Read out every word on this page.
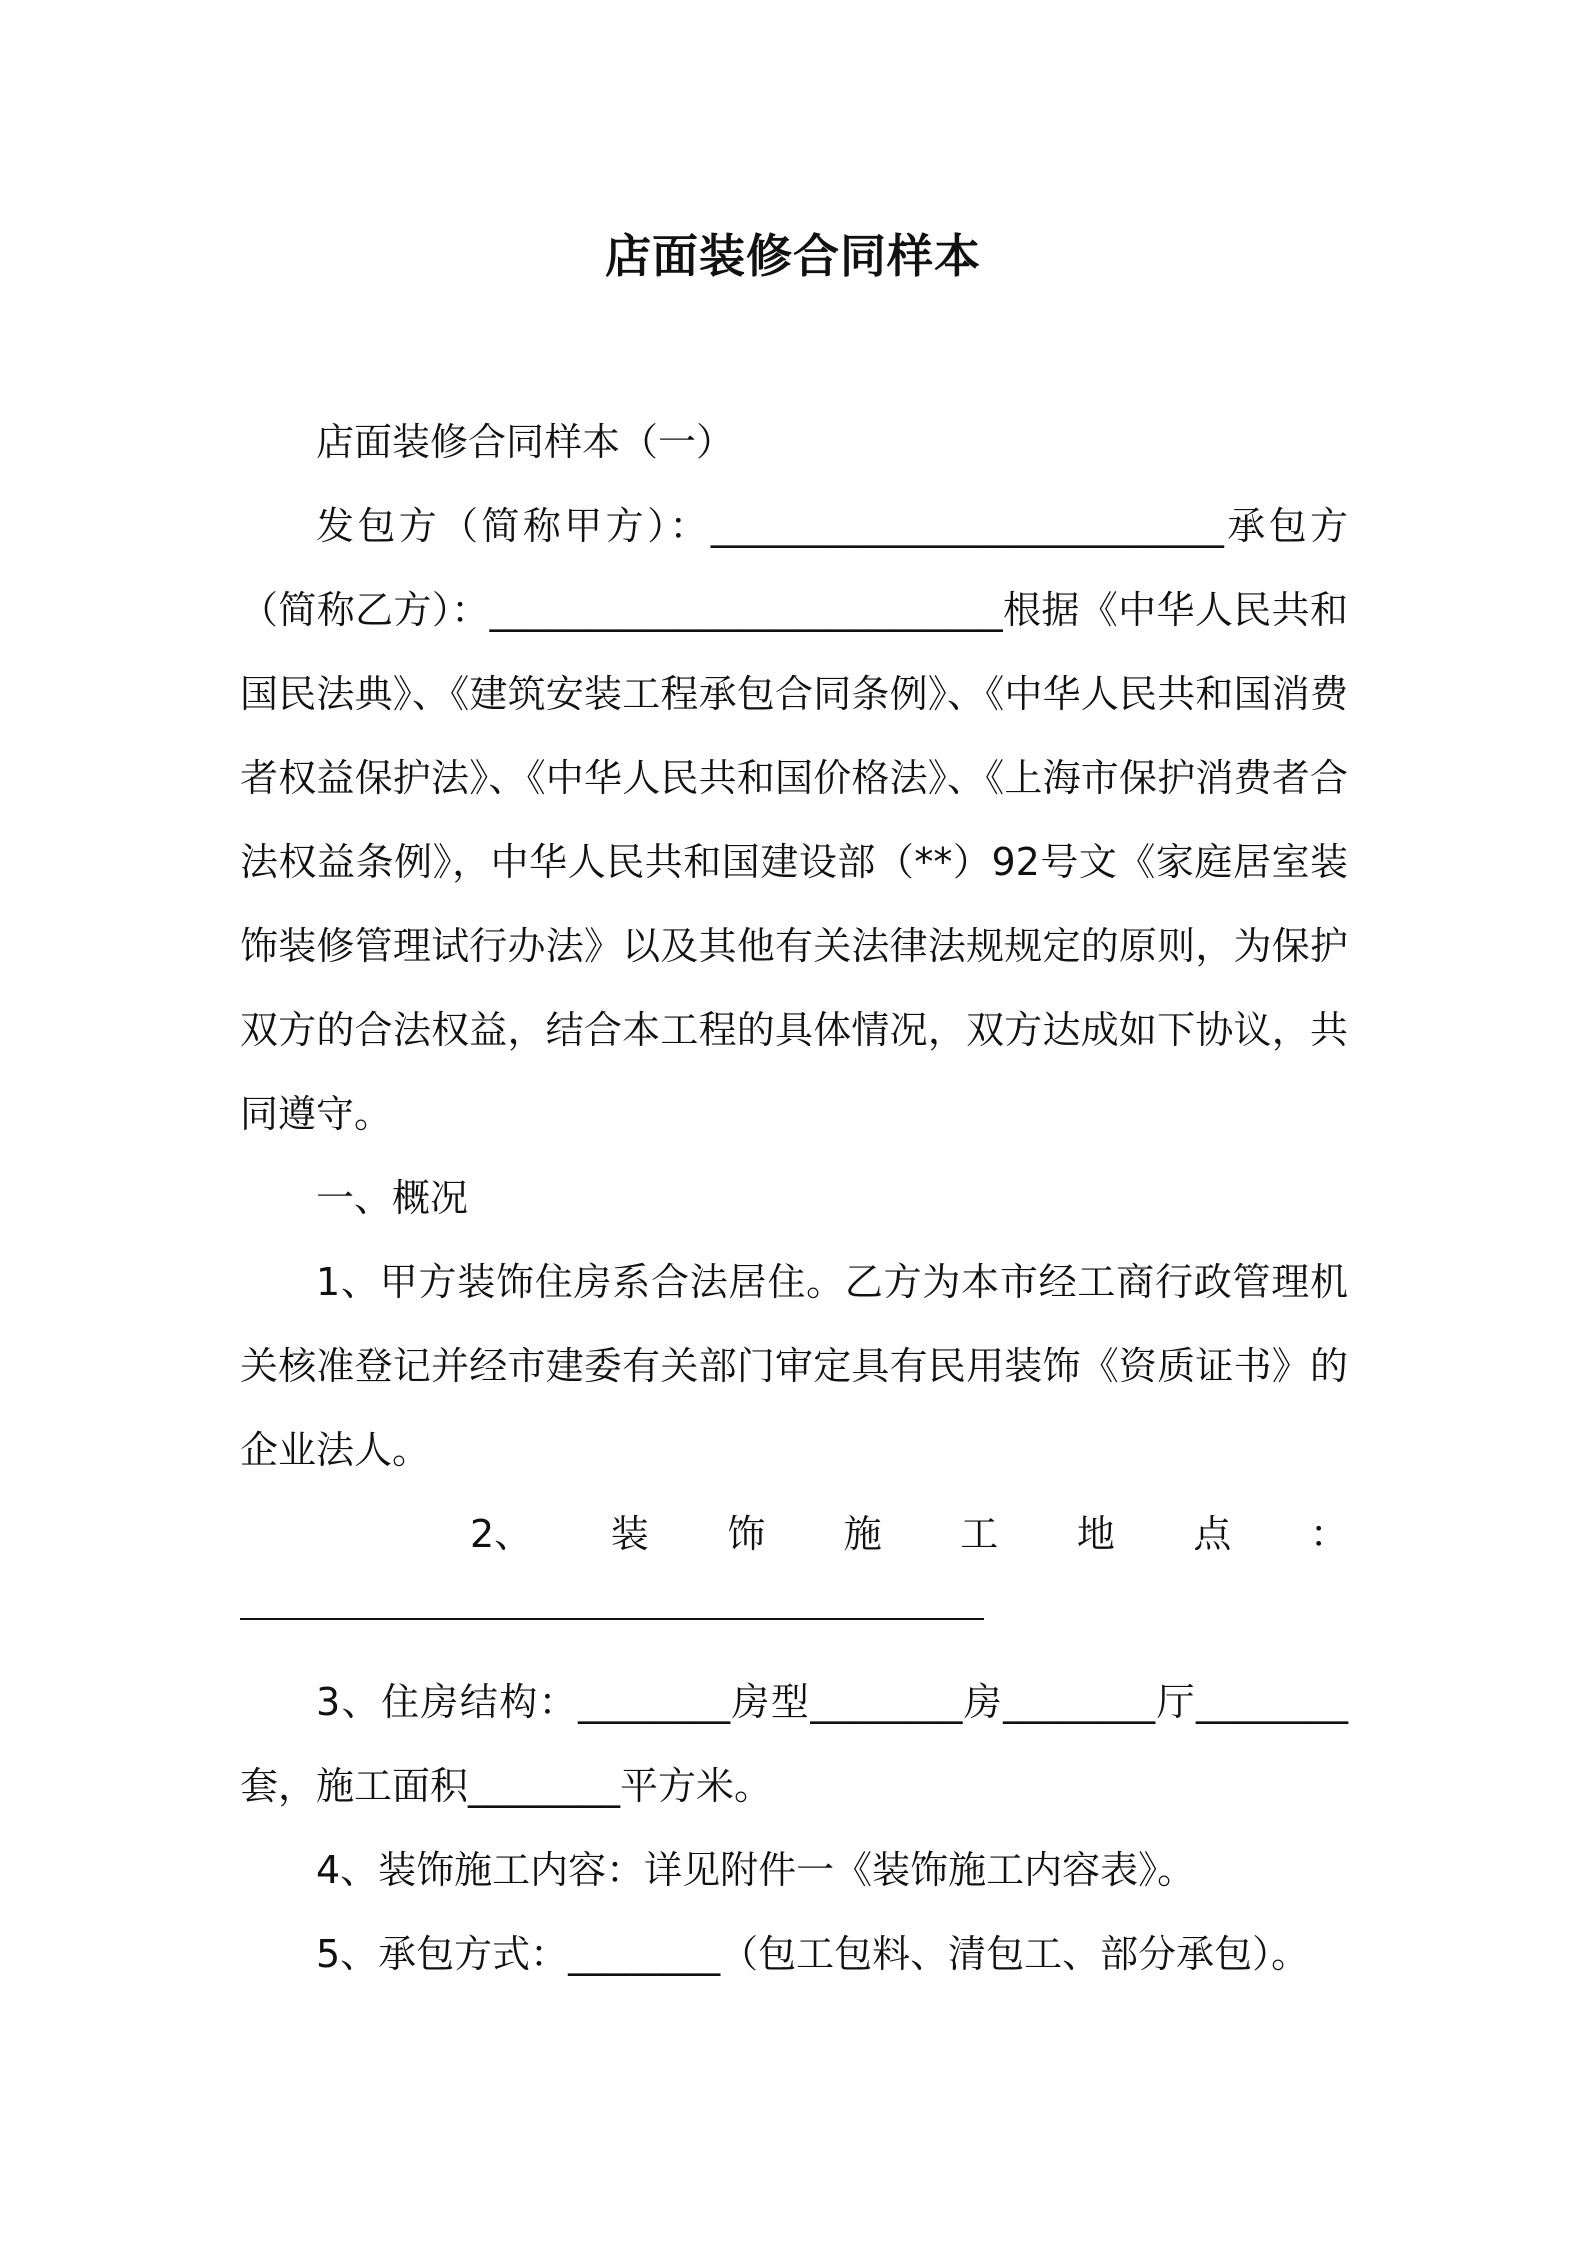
店面装修合同样本

店面装修合同样本（一）

发包方（简称甲方）：___________________________承包方（简称乙方）：___________________________根据《中华人民共和国民法典》、《建筑安装工程承包合同条例》、《中华人民共和国消费者权益保护法》、《中华人民共和国价格法》、《上海市保护消费者合法权益条例》，中华人民共和国建设部（**）92号文《家庭居室装饰装修管理试行办法》以及其他有关法律法规规定的原则，为保护双方的合法权益，结合本工程的具体情况，双方达成如下协议，共同遵守。

一、概况

1、甲方装饰住房系合法居住。乙方为本市经工商行政管理机关核准登记并经市建委有关部门审定具有民用装饰《资质证书》的企业法人。

2、 装 饰 施 工 地 点 ：

3、住房结构：________房型________房________厅________套，施工面积________平方米。

4、装饰施工内容：详见附件一《装饰施工内容表》。

5、承包方式：________（包工包料、清包工、部分承包）。
